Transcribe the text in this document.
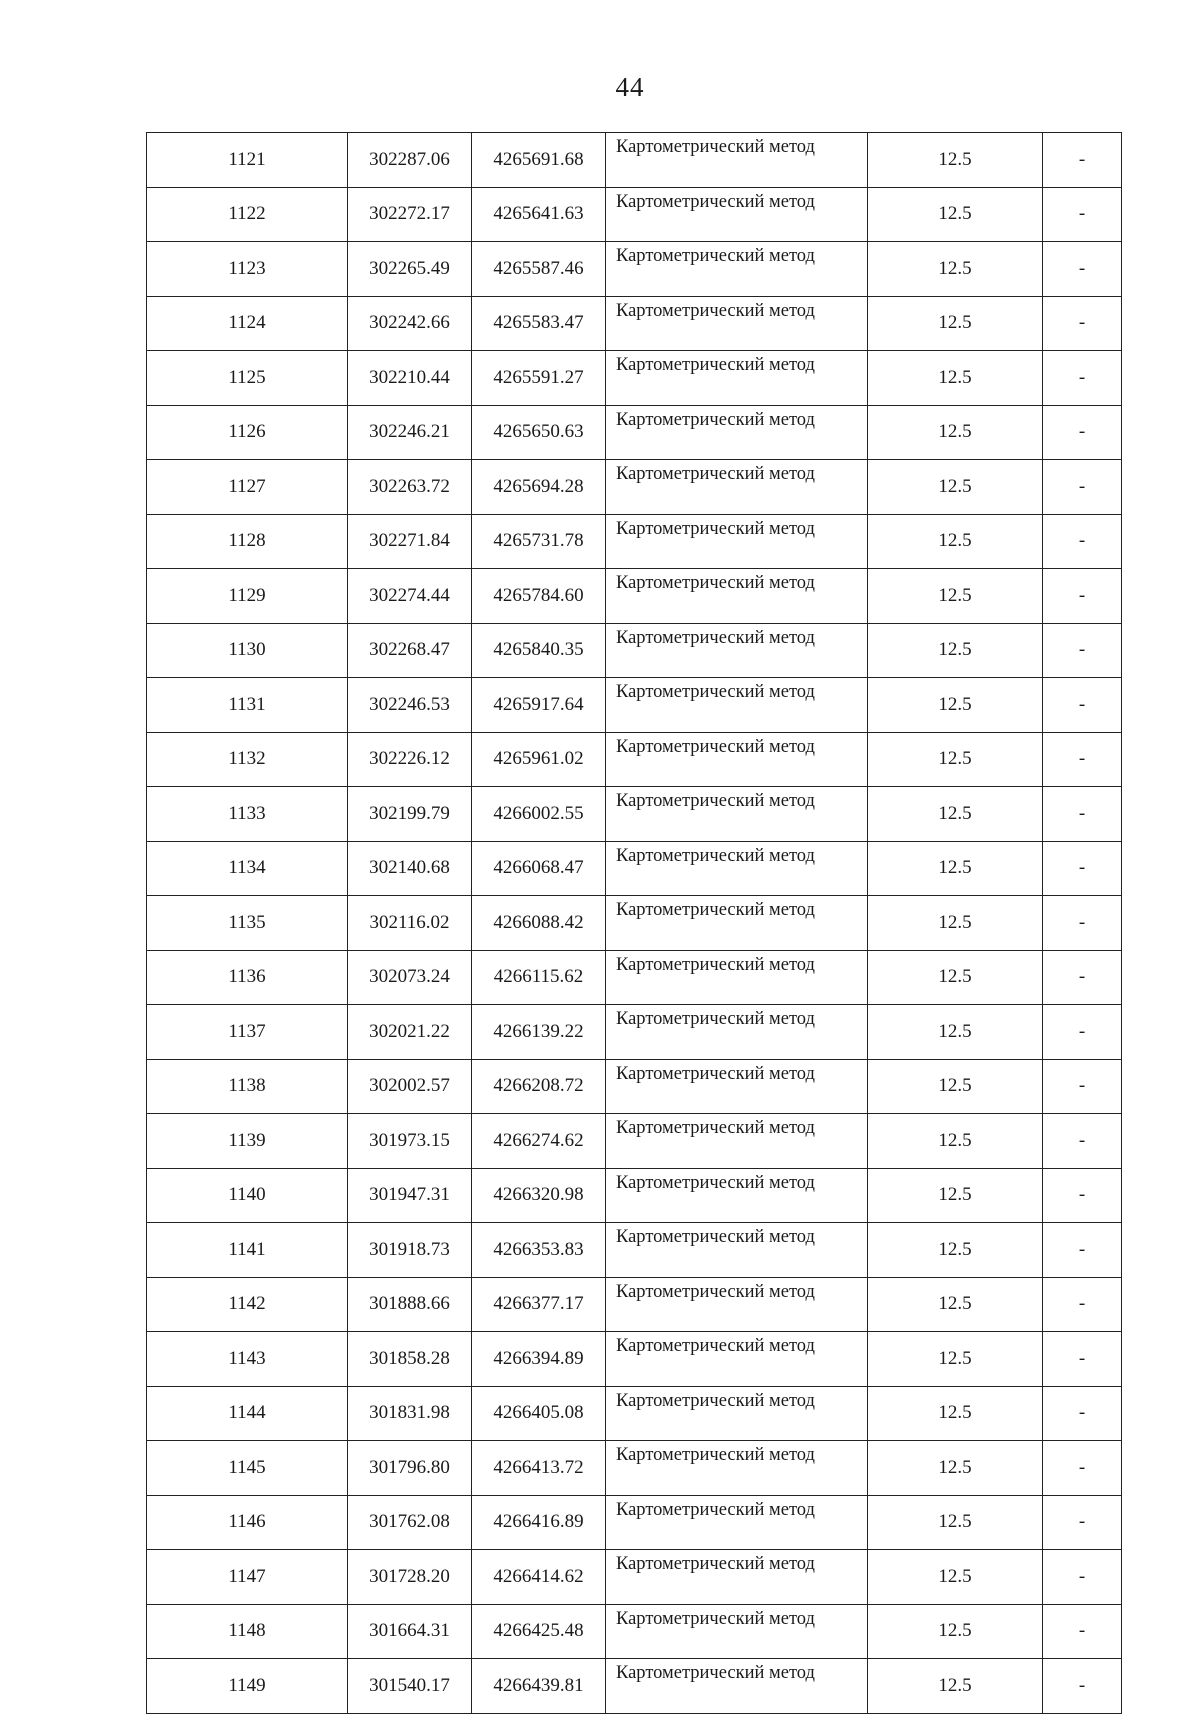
44
1121	302287.06	4265691.68	Картометрический метод	12.5	-
1122	302272.17	4265641.63	Картометрический метод	12.5	-
1123	302265.49	4265587.46	Картометрический метод	12.5	-
1124	302242.66	4265583.47	Картометрический метод	12.5	-
1125	302210.44	4265591.27	Картометрический метод	12.5	-
1126	302246.21	4265650.63	Картометрический метод	12.5	-
1127	302263.72	4265694.28	Картометрический метод	12.5	-
1128	302271.84	4265731.78	Картометрический метод	12.5	-
1129	302274.44	4265784.60	Картометрический метод	12.5	-
1130	302268.47	4265840.35	Картометрический метод	12.5	-
1131	302246.53	4265917.64	Картометрический метод	12.5	-
1132	302226.12	4265961.02	Картометрический метод	12.5	-
1133	302199.79	4266002.55	Картометрический метод	12.5	-
1134	302140.68	4266068.47	Картометрический метод	12.5	-
1135	302116.02	4266088.42	Картометрический метод	12.5	-
1136	302073.24	4266115.62	Картометрический метод	12.5	-
1137	302021.22	4266139.22	Картометрический метод	12.5	-
1138	302002.57	4266208.72	Картометрический метод	12.5	-
1139	301973.15	4266274.62	Картометрический метод	12.5	-
1140	301947.31	4266320.98	Картометрический метод	12.5	-
1141	301918.73	4266353.83	Картометрический метод	12.5	-
1142	301888.66	4266377.17	Картометрический метод	12.5	-
1143	301858.28	4266394.89	Картометрический метод	12.5	-
1144	301831.98	4266405.08	Картометрический метод	12.5	-
1145	301796.80	4266413.72	Картометрический метод	12.5	-
1146	301762.08	4266416.89	Картометрический метод	12.5	-
1147	301728.20	4266414.62	Картометрический метод	12.5	-
1148	301664.31	4266425.48	Картометрический метод	12.5	-
1149	301540.17	4266439.81	Картометрический метод	12.5	-
